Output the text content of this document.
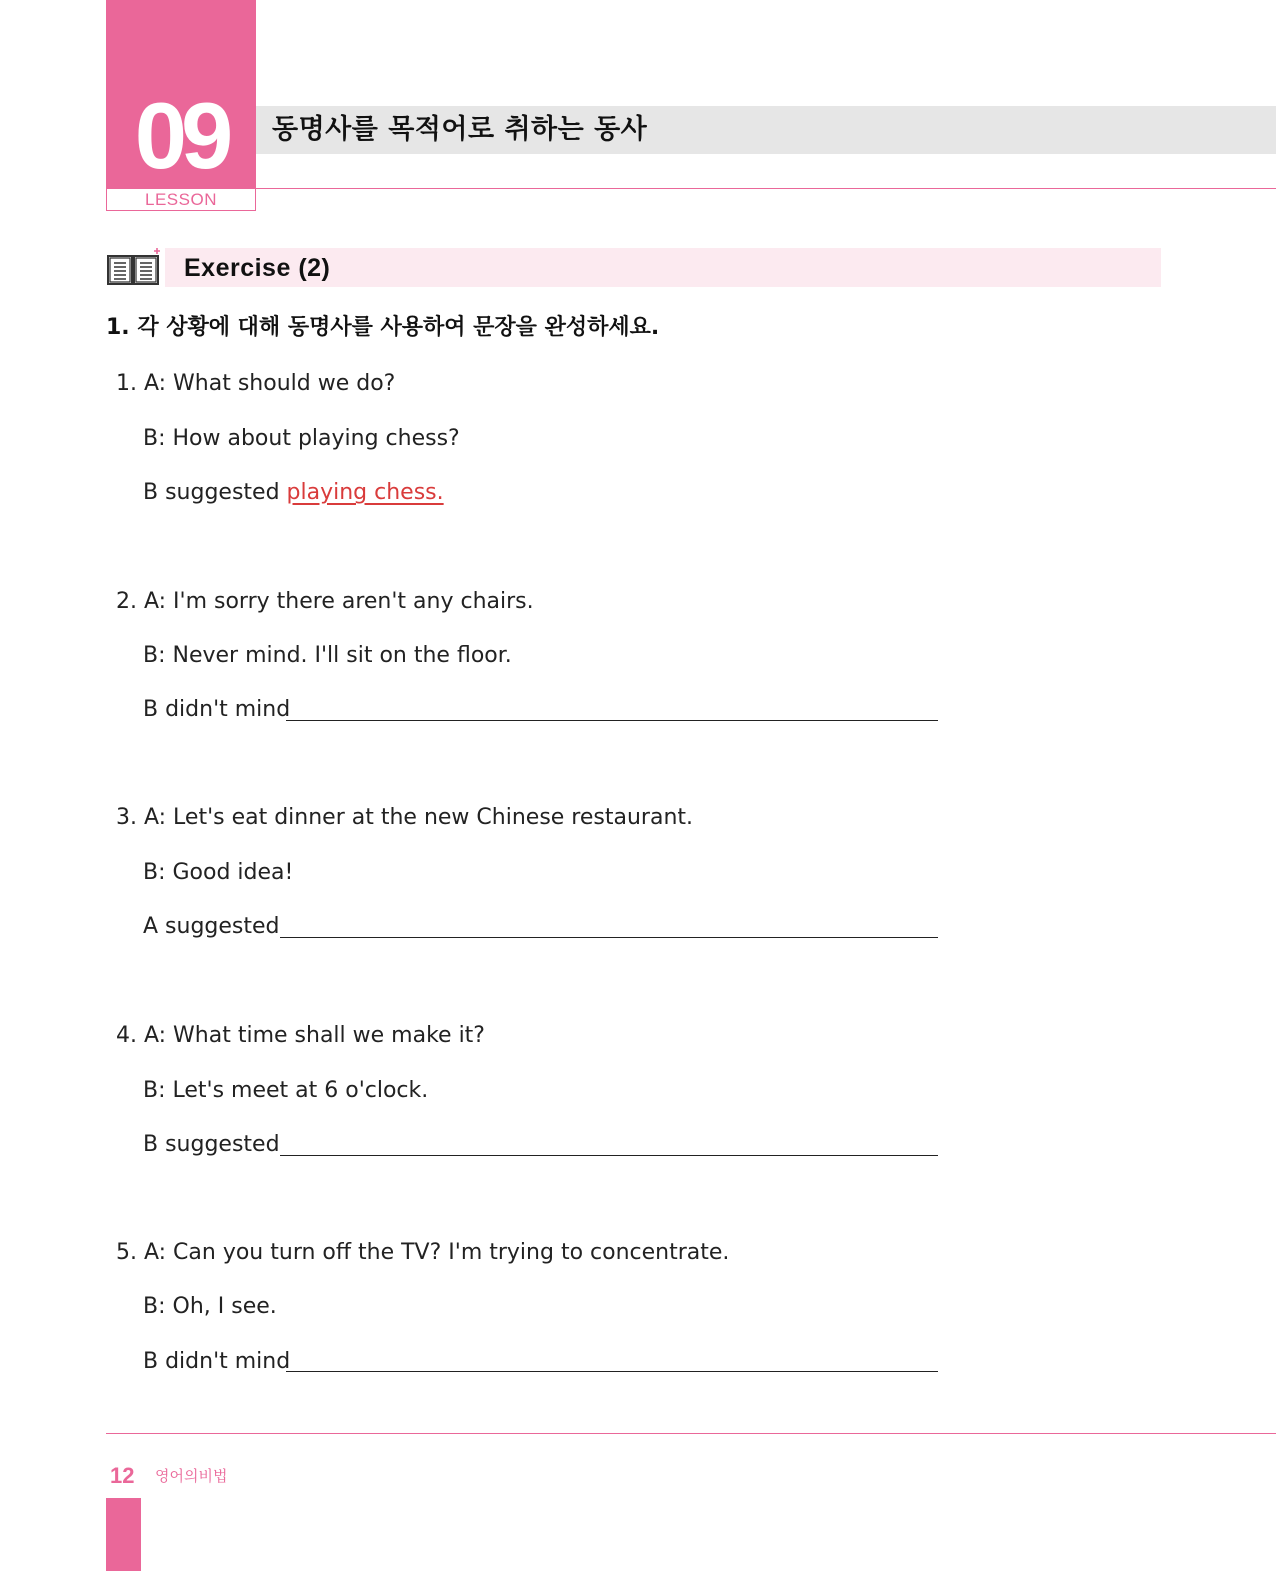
09
LESSON
동명사를 목적어로 취하는 동사
Exercise (2)
1. 각 상황에 대해 동명사를 사용하여 문장을 완성하세요.
1. A: What should we do?
B: How about playing chess?
B suggested playing chess.
2. A: I'm sorry there aren't any chairs.
B: Never mind. I'll sit on the floor.
B didn't mind
3. A: Let's eat dinner at the new Chinese restaurant.
B: Good idea!
A suggested
4. A: What time shall we make it?
B: Let's meet at 6 o'clock.
B suggested
5. A: Can you turn off the TV? I'm trying to concentrate.
B: Oh, I see.
B didn't mind
12 영어의비법
